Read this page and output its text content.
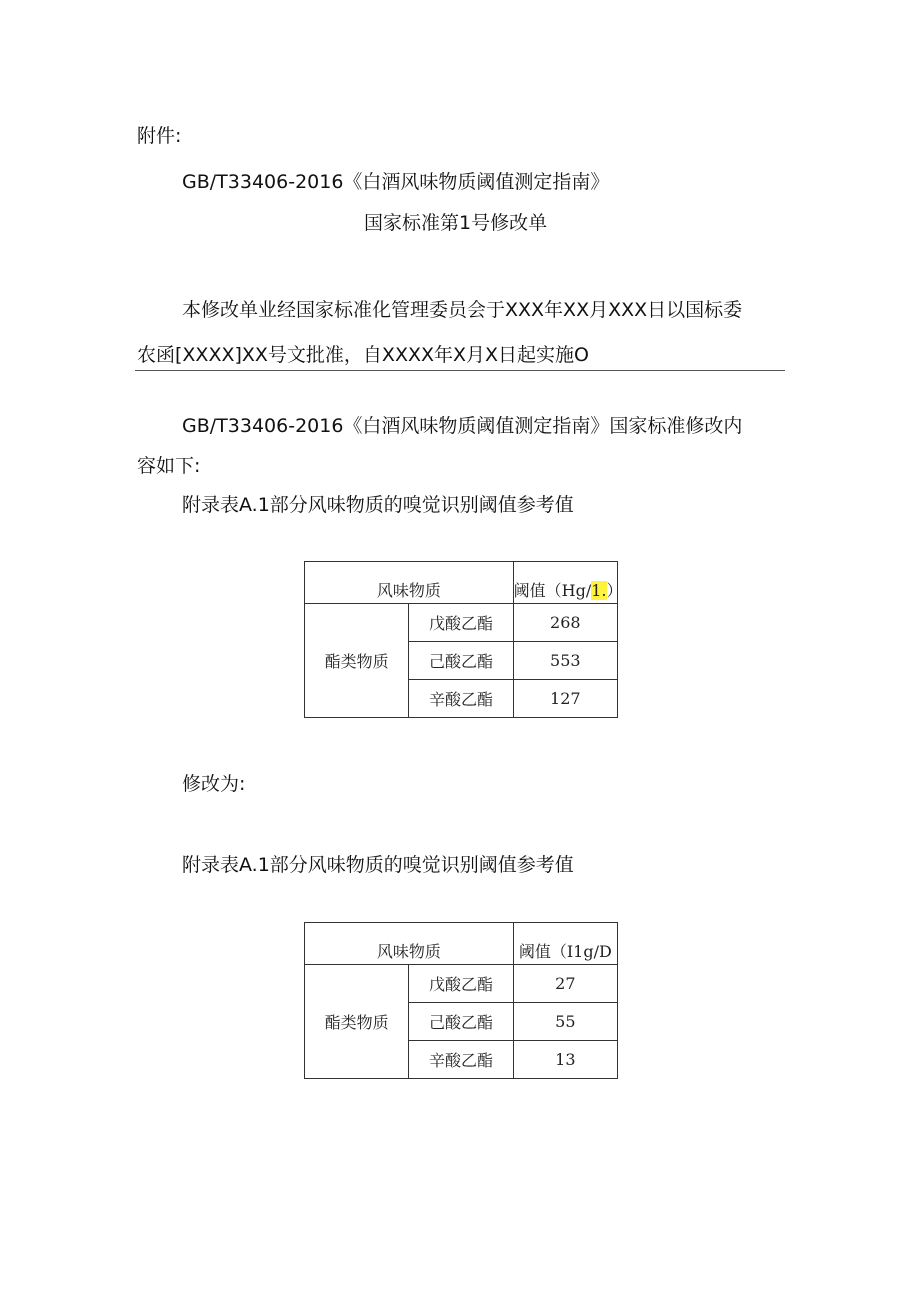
附件:
GB/T33406-2016《白酒风味物质阈值测定指南》
国家标准第1号修改单
本修改单业经国家标准化管理委员会于XXX年XX月XXX日以国标委
农函[XXXX]XX号文批准，自XXXX年X月X日起实施O
GB/T33406-2016《白酒风味物质阈值测定指南》国家标准修改内
容如下:
附录表A.1部分风味物质的嗅觉识别阈值参考值
风味物质		阈值（Hg/1.）
酯类物质	戊酸乙酯	268
	己酸乙酯	553
	辛酸乙酯	127
修改为:
附录表A.1部分风味物质的嗅觉识别阈值参考值
风味物质		阈值（I1g/D
酯类物质	戊酸乙酯	27
	己酸乙酯	55
	辛酸乙酯	13
